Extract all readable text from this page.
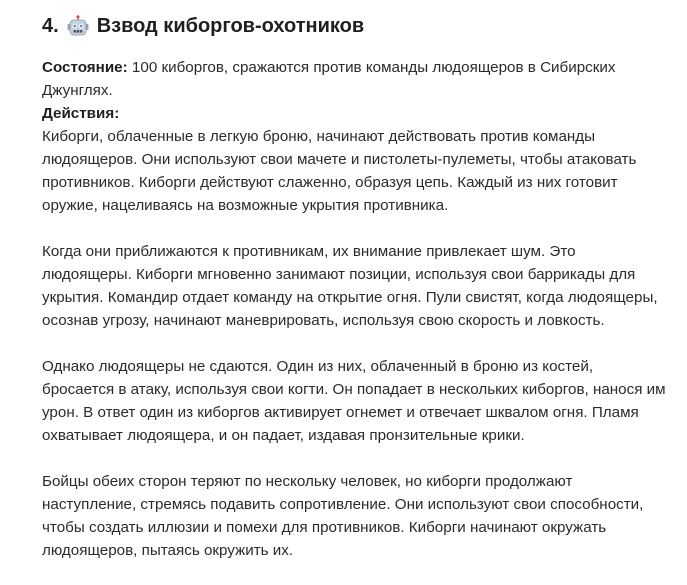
4. Взвод киборгов-охотников

Состояние: 100 киборгов, сражаются против команды людоящеров в Сибирских Джунглях.

Действия:

Киборги, облаченные в легкую броню, начинают действовать против команды людоящеров. Они используют свои мачете и пистолеты-пулеметы, чтобы атаковать противников. Киборги действуют слаженно, образуя цепь. Каждый из них готовит оружие, нацеливаясь на возможные укрытия противника.

Когда они приближаются к противникам, их внимание привлекает шум. Это людоящеры. Киборги мгновенно занимают позиции, используя свои баррикады для укрытия. Командир отдает команду на открытие огня. Пули свистят, когда людоящеры, осознав угрозу, начинают маневрировать, используя свою скорость и ловкость.

Однако людоящеры не сдаются. Один из них, облаченный в броню из костей, бросается в атаку, используя свои когти. Он попадает в нескольких киборгов, нанося им урон. В ответ один из киборгов активирует огнемет и отвечает шквалом огня. Пламя охватывает людоящера, и он падает, издавая пронзительные крики.

Бойцы обеих сторон теряют по нескольку человек, но киборги продолжают наступление, стремясь подавить сопротивление. Они используют свои способности, чтобы создать иллюзии и помехи для противников. Киборги начинают окружать людоящеров, пытаясь окружить их.
